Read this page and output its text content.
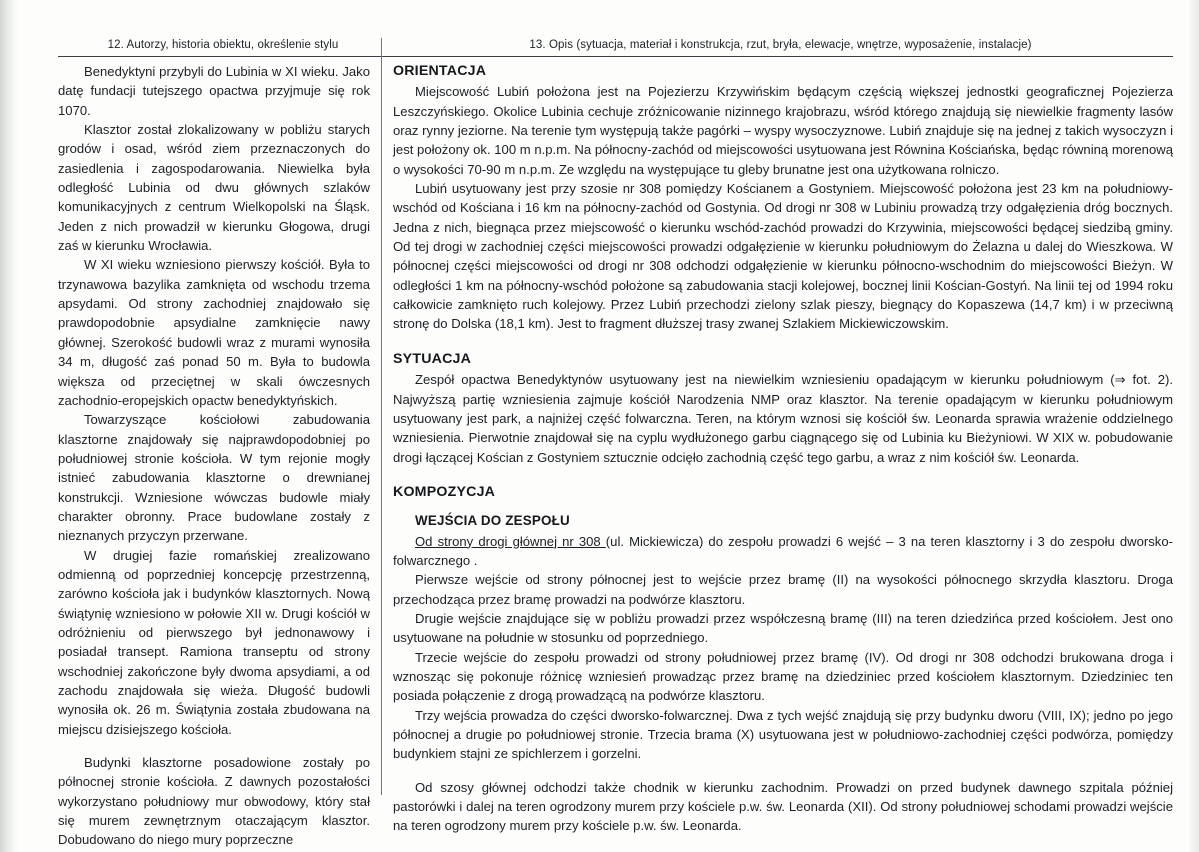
12. Autorzy, historia obiektu, określenie stylu	13. Opis (sytuacja, materiał i konstrukcja, rzut, bryła, elewacje, wnętrze, wyposażenie, instalacje)

Benedyktyni przybyli do Lubinia w XI wieku. Jako datę fundacji tutejszego opactwa przyjmuje się rok 1070.

Klasztor został zlokalizowany w pobliżu starych grodów i osad, wśród ziem przeznaczonych do zasiedlenia i zagospodarowania. Niewielka była odległość Lubinia od dwu głównych szlaków komunikacyjnych z centrum Wielkopolski na Śląsk. Jeden z nich prowadził w kierunku Głogowa, drugi zaś w kierunku Wrocławia.

W XI wieku wzniesiono pierwszy kościół. Była to trzynawowa bazylika zamknięta od wschodu trzema apsydami. Od strony zachodniej znajdowało się prawdopodobnie apsydialne zamknięcie nawy głównej. Szerokość budowli wraz z murami wynosiła 34 m, długość zaś ponad 50 m. Była to budowla większa od przeciętnej w skali ówczesnych zachodnio-eropejskich opactw benedyktyńskich.

Towarzyszące kościołowi zabudowania klasztorne znajdowały się najprawdopodobniej po południowej stronie kościoła. W tym rejonie mogły istnieć zabudowania klasztorne o drewnianej konstrukcji. Wzniesione wówczas budowle miały charakter obronny. Prace budowlane zostały z nieznanych przyczyn przerwane.

W drugiej fazie romańskiej zrealizowano odmienną od poprzedniej koncepcję przestrzenną, zarówno kościoła jak i budynków klasztornych. Nową świątynię wzniesiono w połowie XII w. Drugi kościół w odróżnieniu od pierwszego był jednonawowy i posiadał transept. Ramiona transeptu od strony wschodniej zakończone były dwoma apsydiami, a od zachodu znajdowała się wieża. Długość budowli wynosiła ok. 26 m. Świątynia została zbudowana na miejscu dzisiejszego kościoła.

Budynki klasztorne posadowione zostały po północnej stronie kościoła. Z dawnych pozostałości wykorzystano południowy mur obwodowy, który stał się murem zewnętrznym otaczającym klasztor. Dobudowano do niego mury poprzeczne

ORIENTACJA

Miejscowość Lubiń położona jest na Pojezierzu Krzywińskim będącym częścią większej jednostki geograficznej Pojezierza Leszczyńskiego. Okolice Lubinia cechuje zróżnicowanie nizinnego krajobrazu, wśród którego znajdują się niewielkie fragmenty lasów oraz rynny jeziorne. Na terenie tym występują także pagórki – wyspy wysoczyznowe. Lubiń znajduje się na jednej z takich wysoczyzn i jest położony ok. 100 m n.p.m. Na północny-zachód od miejscowości usytuowana jest Równina Kościańska, będąc równiną morenową o wysokości 70-90 m n.p.m. Ze względu na występujące tu gleby brunatne jest ona użytkowana rolniczo.

Lubiń usytuowany jest przy szosie nr 308 pomiędzy Kościanem a Gostyniem. Miejscowość położona jest 23 km na południowy-wschód od Kościana i 16 km na północny-zachód od Gostynia. Od drogi nr 308 w Lubiniu prowadzą trzy odgałęzienia dróg bocznych. Jedna z nich, biegnąca przez miejscowość o kierunku wschód-zachód prowadzi do Krzywinia, miejscowości będącej siedzibą gminy. Od tej drogi w zachodniej części miejscowości prowadzi odgałęzienie w kierunku południowym do Żelazna u dalej do Wieszkowa. W północnej części miejscowości od drogi nr 308 odchodzi odgałęzienie w kierunku północno-wschodnim do miejscowości Bieżyn. W odległości 1 km na północny-wschód położone są zabudowania stacji kolejowej, bocznej linii Kościan-Gostyń. Na linii tej od 1994 roku całkowicie zamknięto ruch kolejowy. Przez Lubiń przechodzi zielony szlak pieszy, biegnący do Kopaszewa (14,7 km) i w przeciwną stronę do Dolska (18,1 km). Jest to fragment dłuższej trasy zwanej Szlakiem Mickiewiczowskim.

SYTUACJA

Zespół opactwa Benedyktynów usytuowany jest na niewielkim wzniesieniu opadającym w kierunku południowym (⇒ fot. 2). Najwyższą partię wzniesienia zajmuje kościół Narodzenia NMP oraz klasztor. Na terenie opadającym w kierunku południowym usytuowany jest park, a najniżej część folwarczna. Teren, na którym wznosi się kościół św. Leonarda sprawia wrażenie oddzielnego wzniesienia. Pierwotnie znajdował się na cyplu wydłużonego garbu ciągnącego się od Lubinia ku Bieżyniowi. W XIX w. pobudowanie drogi łączącej Kościan z Gostyniem sztucznie odcięło zachodnią część tego garbu, a wraz z nim kościół św. Leonarda.

KOMPOZYCJA
WEJŚCIA DO ZESPOŁU

Od strony drogi głównej nr 308 (ul. Mickiewicza) do zespołu prowadzi 6 wejść – 3 na teren klasztorny i 3 do zespołu dworsko-folwarcznego .

Pierwsze wejście od strony północnej jest to wejście przez bramę (II) na wysokości północnego skrzydła klasztoru. Droga przechodząca przez bramę prowadzi na podwórze klasztoru.

Drugie wejście znajdujące się w pobliżu prowadzi przez współczesną bramę (III) na teren dziedzińca przed kościołem. Jest ono usytuowane na południe w stosunku od poprzedniego.

Trzecie wejście do zespołu prowadzi od strony południowej przez bramę (IV). Od drogi nr 308 odchodzi brukowana droga i wznosząc się pokonuje różnicę wzniesień prowadząc przez bramę na dziedziniec przed kościołem klasztornym. Dziedziniec ten posiada połączenie z drogą prowadzącą na podwórze klasztoru.

Trzy wejścia prowadza do części dworsko-folwarcznej. Dwa z tych wejść znajdują się przy budynku dworu (VIII, IX); jedno po jego północnej a drugie po południowej stronie. Trzecia brama (X) usytuowana jest w południowo-zachodniej części podwórza, pomiędzy budynkiem stajni ze spichlerzem i gorzelni.

Od szosy głównej odchodzi także chodnik w kierunku zachodnim. Prowadzi on przed budynek dawnego szpitala później pastorówki i dalej na teren ogrodzony murem przy kościele p.w. św. Leonarda (XII). Od strony południowej schodami prowadzi wejście na teren ogrodzony murem przy kościele p.w. św. Leonarda.
